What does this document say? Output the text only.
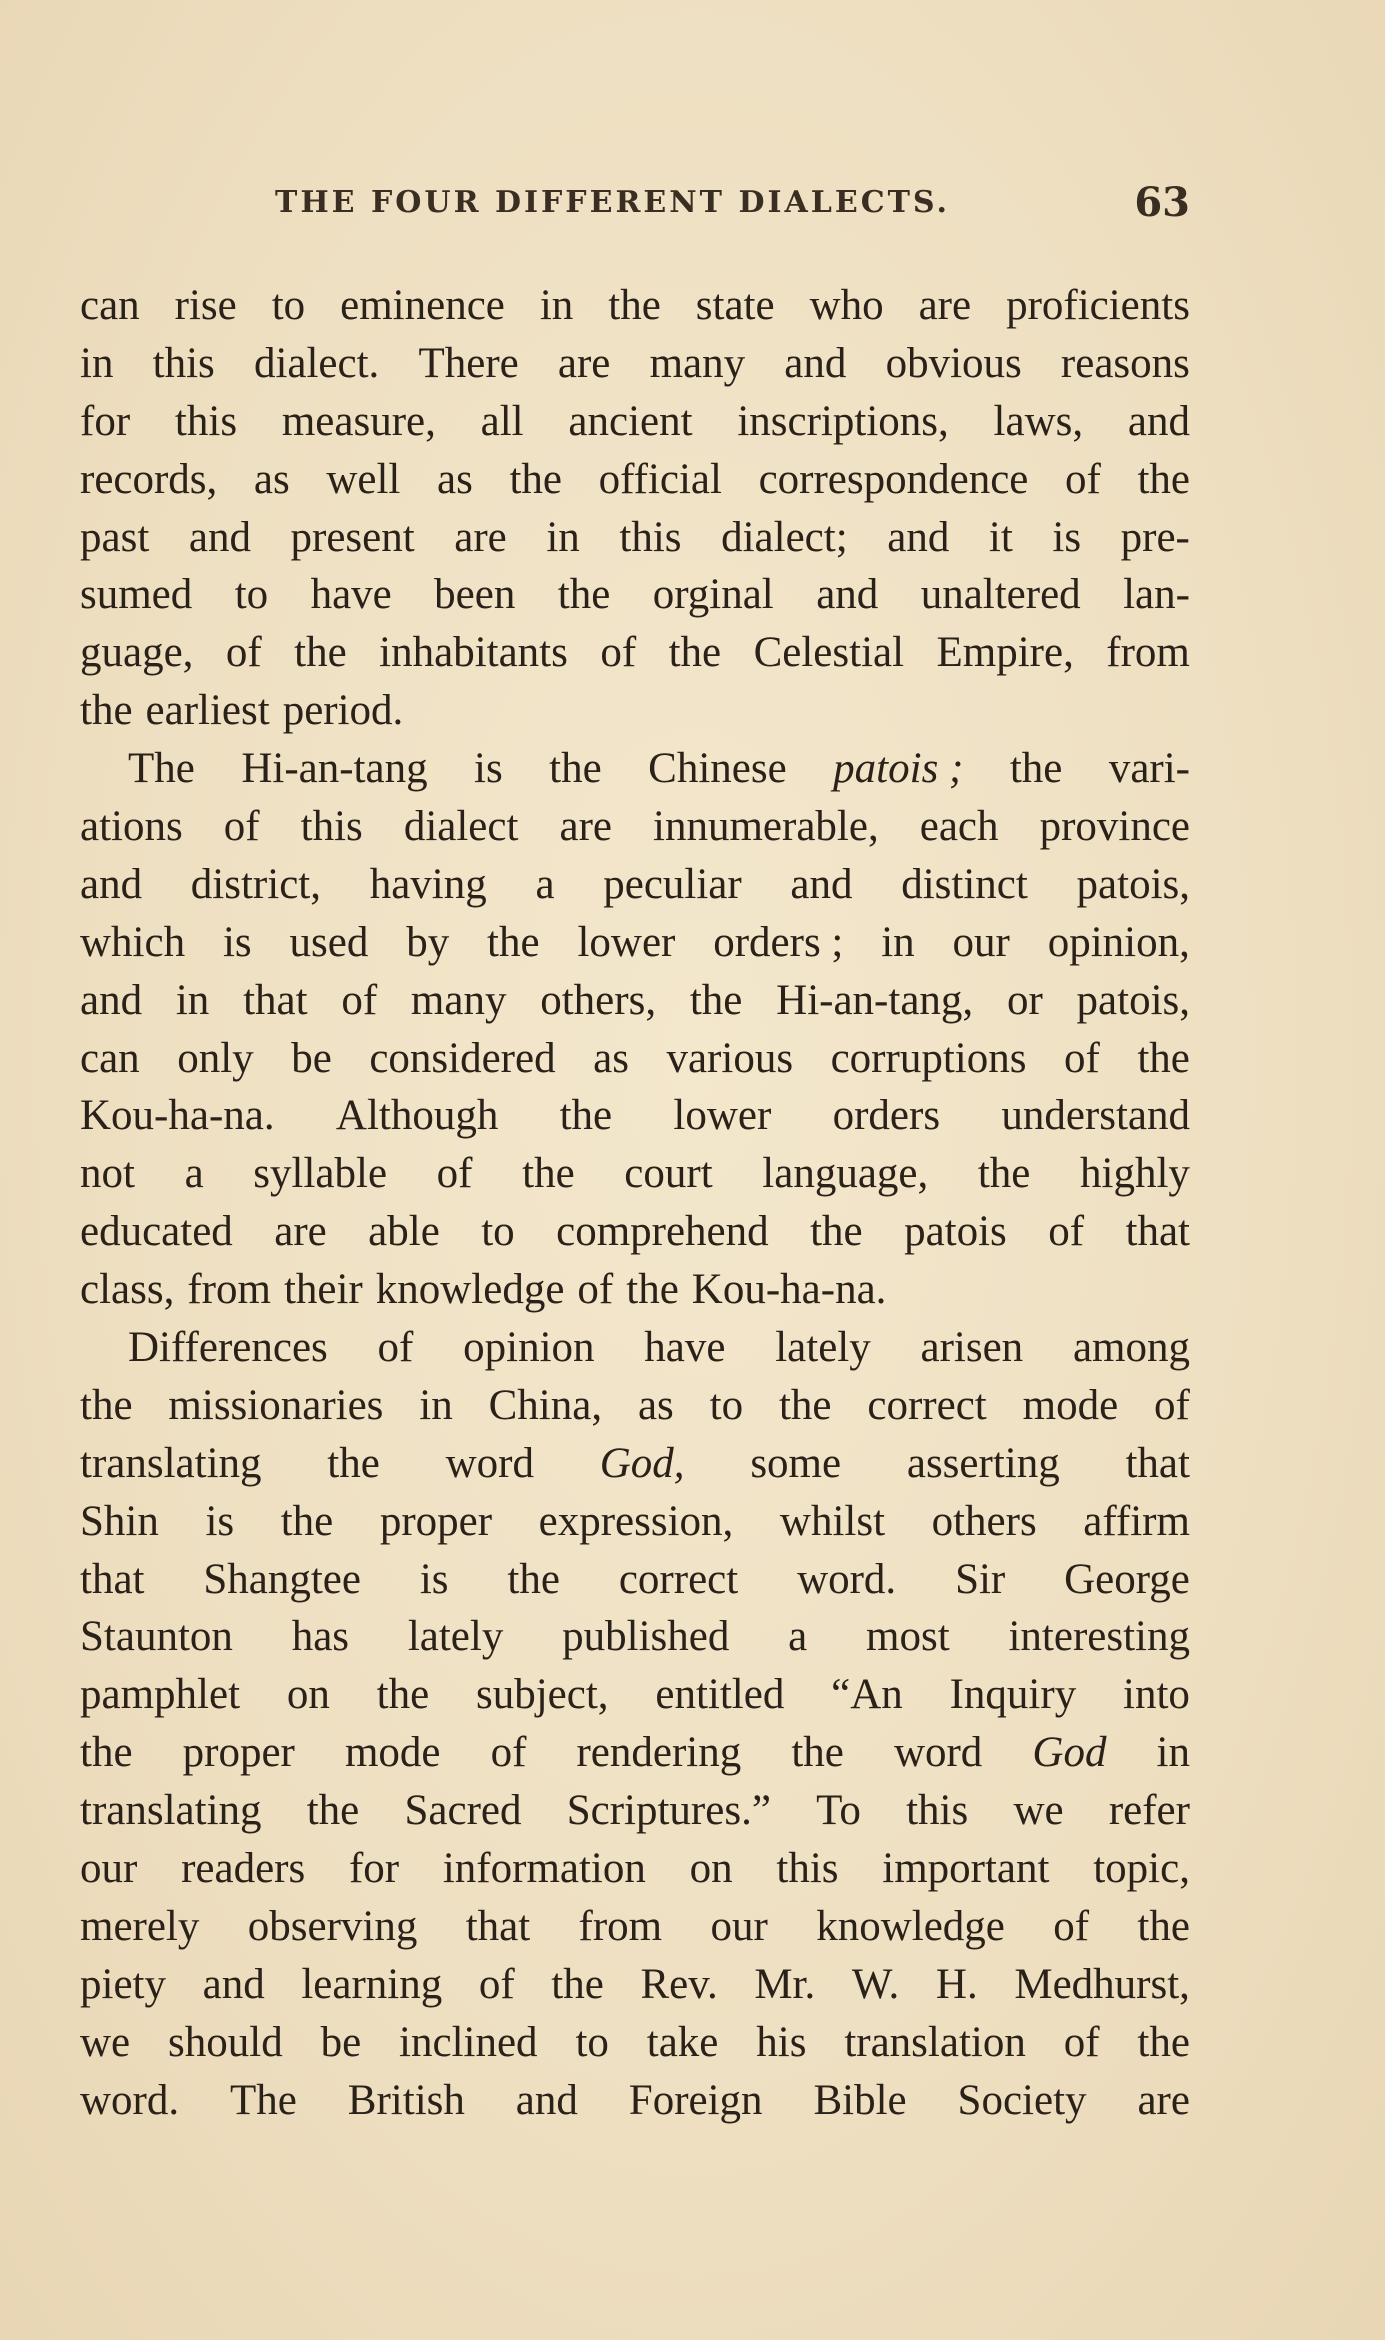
THE FOUR DIFFERENT DIALECTS.	63
can rise to eminence in the state who are proficients
in this dialect. There are many and obvious reasons
for this measure, all ancient inscriptions, laws, and
records, as well as the official correspondence of the
past and present are in this dialect; and it is pre-
sumed to have been the orginal and unaltered lan-
guage, of the inhabitants of the Celestial Empire, from
the earliest period.
The Hi-an-tang is the Chinese patois ; the vari-
ations of this dialect are innumerable, each province
and district, having a peculiar and distinct patois,
which is used by the lower orders ; in our opinion,
and in that of many others, the Hi-an-tang, or patois,
can only be considered as various corruptions of the
Kou-ha-na. Although the lower orders understand
not a syllable of the court language, the highly
educated are able to comprehend the patois of that
class, from their knowledge of the Kou-ha-na.
Differences of opinion have lately arisen among
the missionaries in China, as to the correct mode of
translating the word God, some asserting that
Shin is the proper expression, whilst others affirm
that Shangtee is the correct word. Sir George
Staunton has lately published a most interesting
pamphlet on the subject, entitled “An Inquiry into
the proper mode of rendering the word God in
translating the Sacred Scriptures.” To this we refer
our readers for information on this important topic,
merely observing that from our knowledge of the
piety and learning of the Rev. Mr. W. H. Medhurst,
we should be inclined to take his translation of the
word. The British and Foreign Bible Society are
